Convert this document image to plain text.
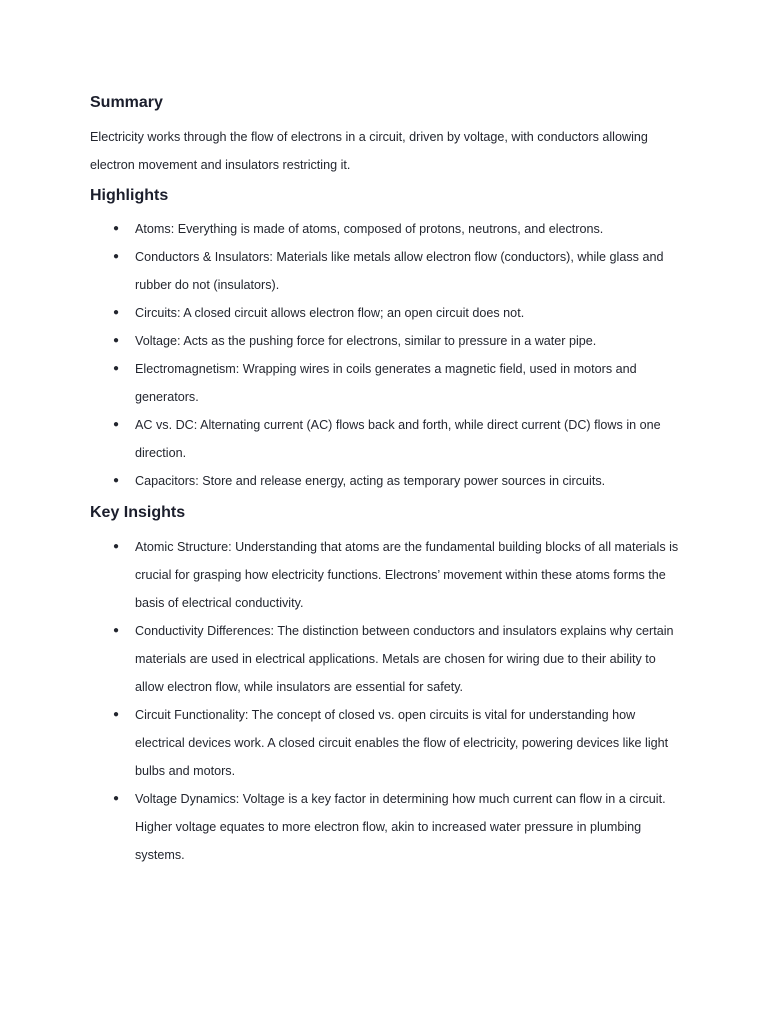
Summary

Electricity works through the flow of electrons in a circuit, driven by voltage, with conductors allowing electron movement and insulators restricting it.

Highlights
● Atoms: Everything is made of atoms, composed of protons, neutrons, and electrons.
● Conductors & Insulators: Materials like metals allow electron flow (conductors), while glass and rubber do not (insulators).
● Circuits: A closed circuit allows electron flow; an open circuit does not.
● Voltage: Acts as the pushing force for electrons, similar to pressure in a water pipe.
● Electromagnetism: Wrapping wires in coils generates a magnetic field, used in motors and generators.
● AC vs. DC: Alternating current (AC) flows back and forth, while direct current (DC) flows in one direction.
● Capacitors: Store and release energy, acting as temporary power sources in circuits.
Key Insights
● Atomic Structure: Understanding that atoms are the fundamental building blocks of all materials is crucial for grasping how electricity functions. Electrons’ movement within these atoms forms the basis of electrical conductivity.
● Conductivity Differences: The distinction between conductors and insulators explains why certain materials are used in electrical applications. Metals are chosen for wiring due to their ability to allow electron flow, while insulators are essential for safety.
● Circuit Functionality: The concept of closed vs. open circuits is vital for understanding how electrical devices work. A closed circuit enables the flow of electricity, powering devices like light bulbs and motors.
● Voltage Dynamics: Voltage is a key factor in determining how much current can flow in a circuit. Higher voltage equates to more electron flow, akin to increased water pressure in plumbing systems.
